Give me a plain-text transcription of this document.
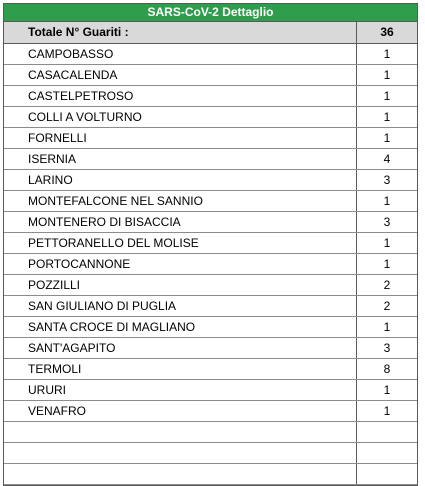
SARS-CoV-2 Dettaglio
Totale N° Guariti :	36
CAMPOBASSO	1
CASACALENDA	1
CASTELPETROSO	1
COLLI A VOLTURNO	1
FORNELLI	1
ISERNIA	4
LARINO	3
MONTEFALCONE NEL SANNIO	1
MONTENERO DI BISACCIA	3
PETTORANELLO DEL MOLISE	1
PORTOCANNONE	1
POZZILLI	2
SAN GIULIANO DI PUGLIA	2
SANTA CROCE DI MAGLIANO	1
SANT'AGAPITO	3
TERMOLI	8
URURI	1
VENAFRO	1
